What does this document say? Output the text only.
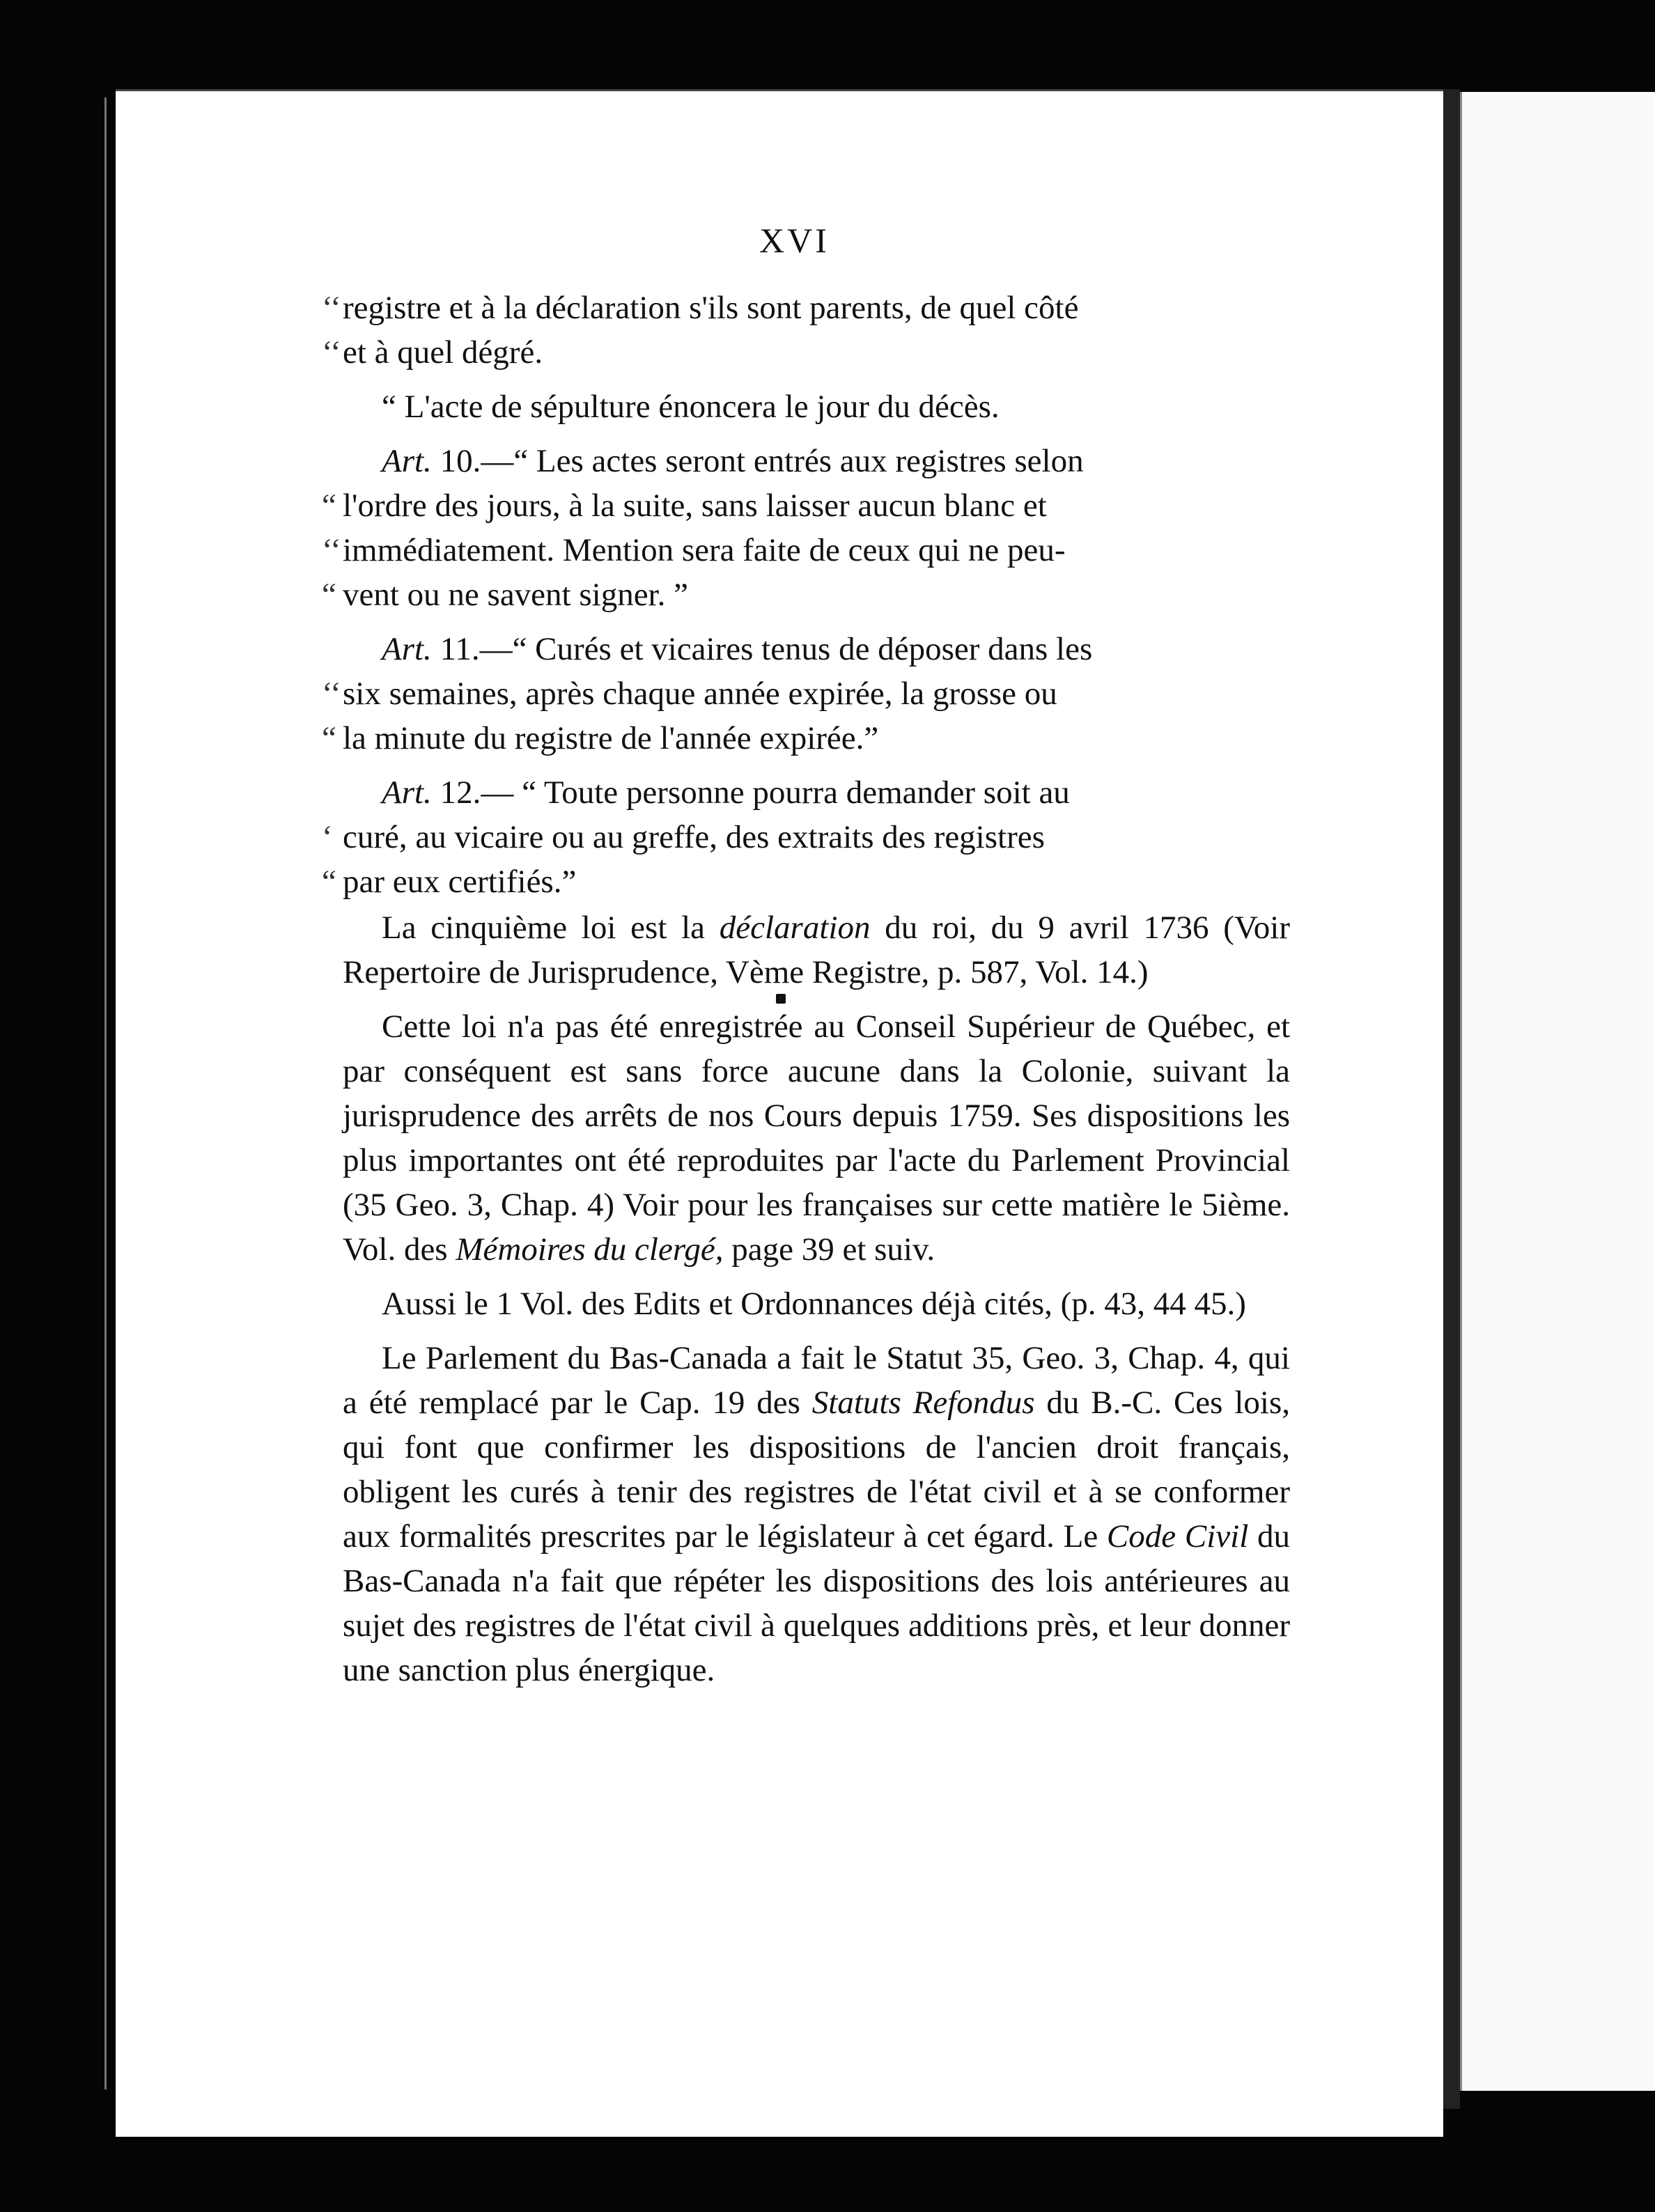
XVI

‘‘ registre et à la déclaration s'ils sont parents, de quel côté
‘‘ et à quel dégré.

“ L'acte de sépulture énoncera le jour du décès.

Art. 10.—“ Les actes seront entrés aux registres selon
“ l'ordre des jours, à la suite, sans laisser aucun blanc et
‘‘ immédiatement. Mention sera faite de ceux qui ne peu-
“ vent ou ne savent signer. ”

Art. 11.—“ Curés et vicaires tenus de déposer dans les
‘‘ six semaines, après chaque année expirée, la grosse ou
“ la minute du registre de l'année expirée.”

Art. 12.— “ Toute personne pourra demander soit au
‘ curé, au vicaire ou au greffe, des extraits des registres
“ par eux certifiés.”

La cinquième loi est la déclaration du roi, du 9 avril 1736 (Voir Repertoire de Jurisprudence, Vème Registre, p. 587, Vol. 14.)

Cette loi n'a pas été enregistrée au Conseil Supérieur de Québec, et par conséquent est sans force aucune dans la Colonie, suivant la jurisprudence des arrêts de nos Cours depuis 1759. Ses dispositions les plus importantes ont été reproduites par l'acte du Parlement Provincial (35 Geo. 3, Chap. 4) Voir pour les françaises sur cette matière le 5ième. Vol. des Mémoires du clergé, page 39 et suiv.

Aussi le 1 Vol. des Edits et Ordonnances déjà cités, (p. 43, 44 45.)

Le Parlement du Bas-Canada a fait le Statut 35, Geo. 3, Chap. 4, qui a été remplacé par le Cap. 19 des Statuts Refondus du B.-C. Ces lois, qui font que confirmer les dispositions de l'ancien droit français, obligent les curés à tenir des registres de l'état civil et à se conformer aux formalités prescrites par le législateur à cet égard. Le Code Civil du Bas-Canada n'a fait que répéter les dispositions des lois antérieures au sujet des registres de l'état civil à quelques additions près, et leur donner une sanction plus énergique.
